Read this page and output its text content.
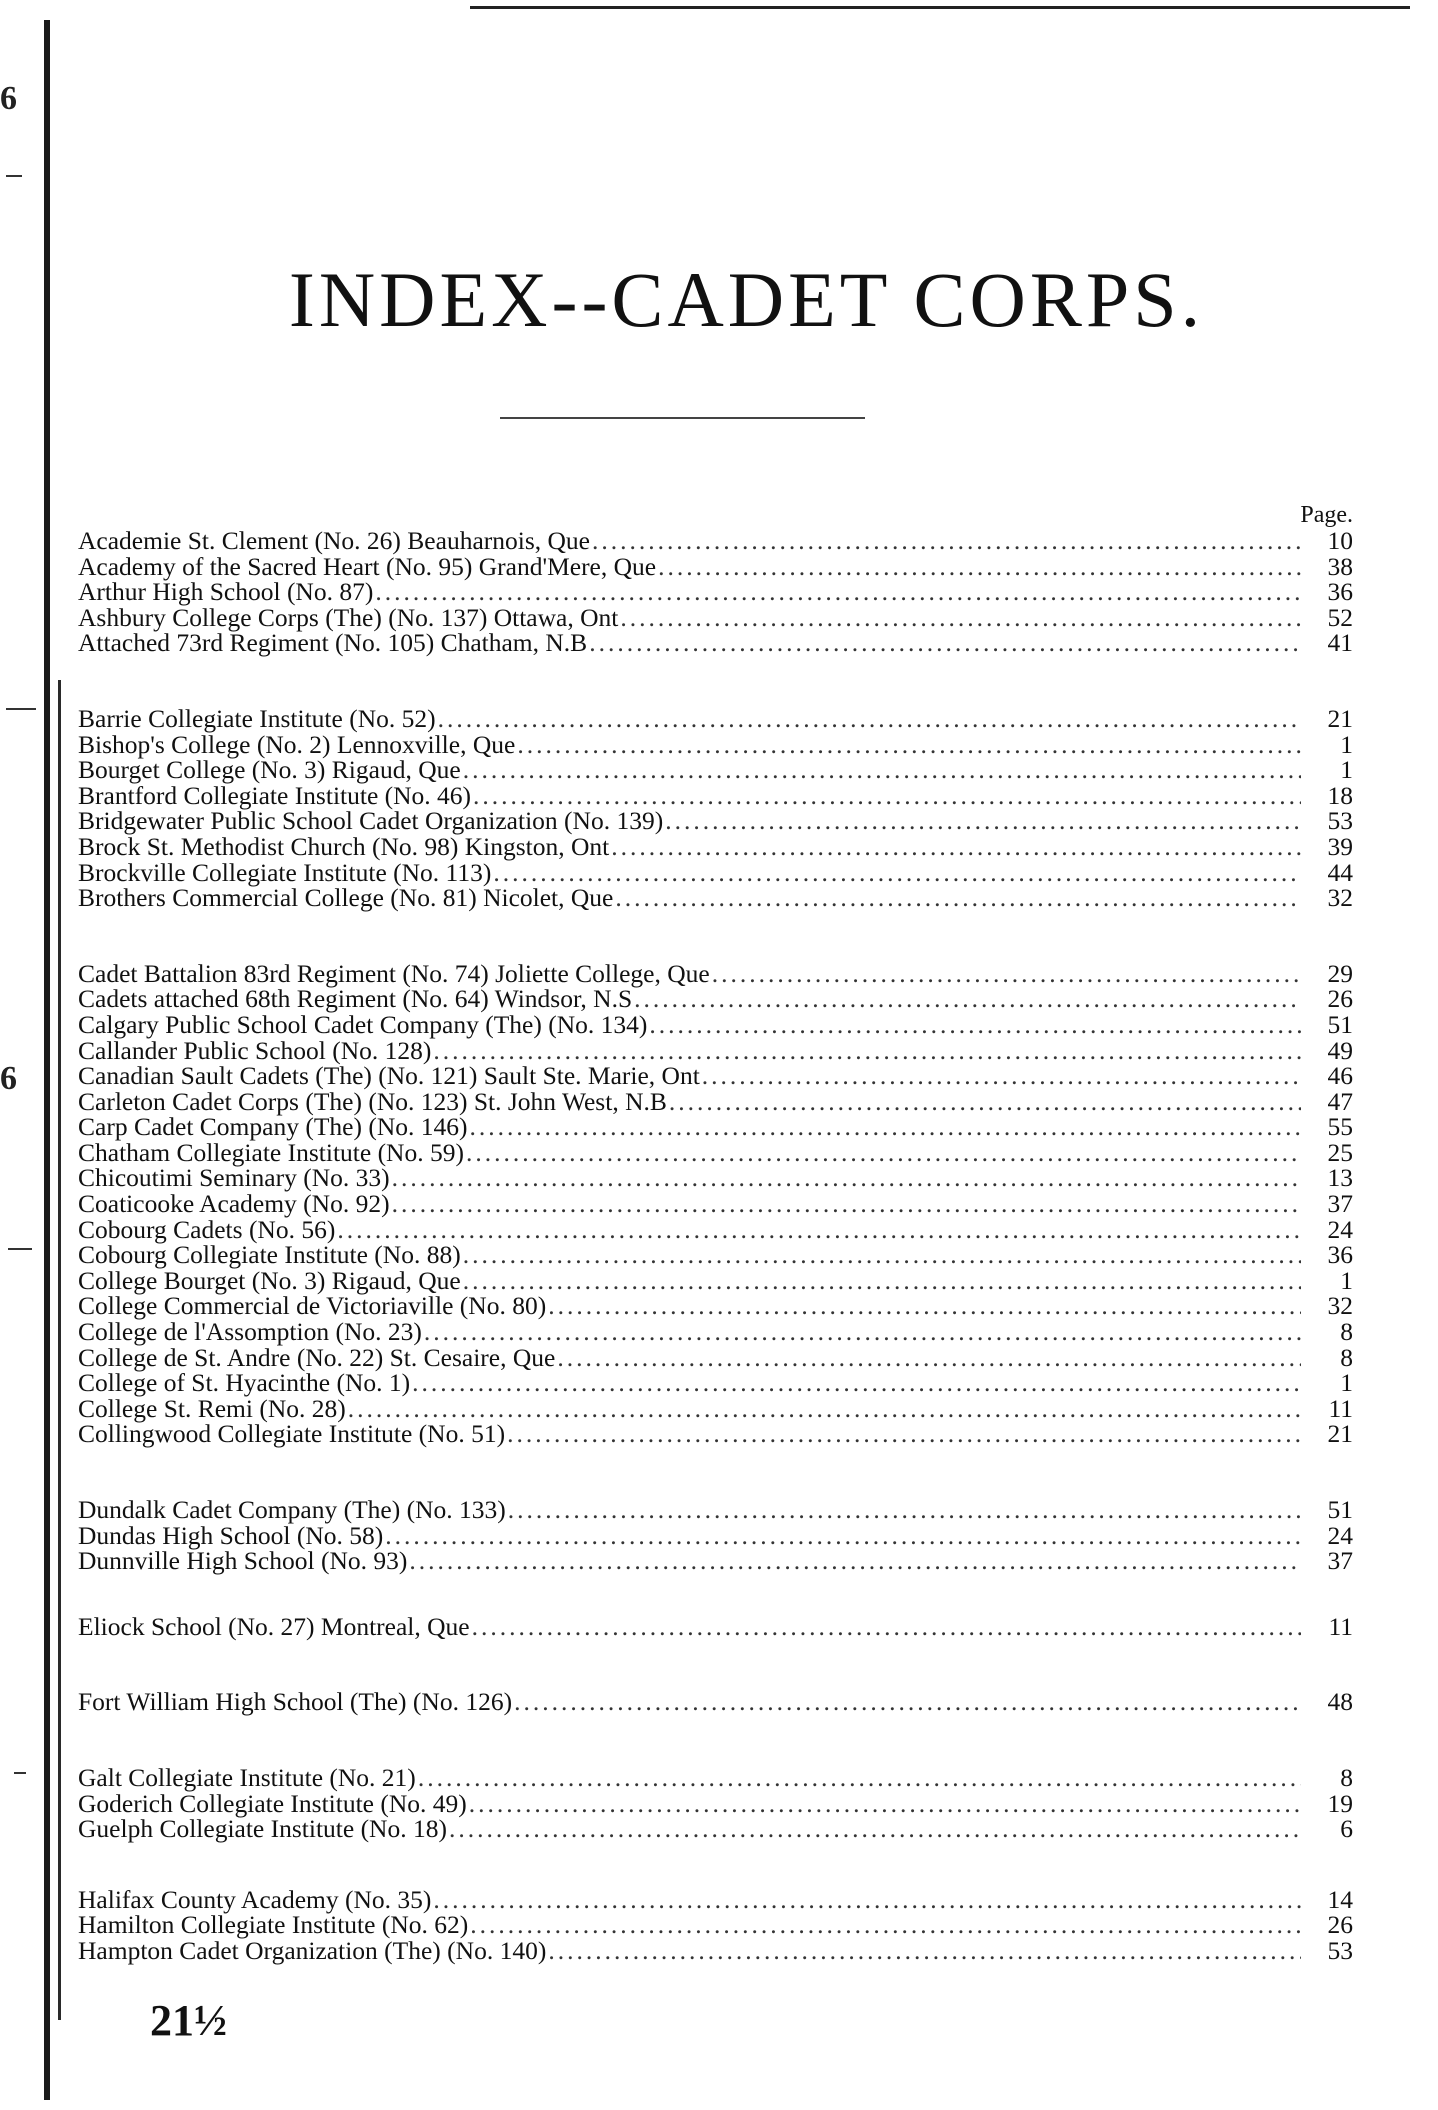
6
6
INDEX--CADET CORPS.
Page.
Academie St. Clement (No. 26) Beauharnois, Que .....	10
Academy of the Sacred Heart (No. 95) Grand'Mere, Que .....	38
Arthur High School (No. 87) .....	36
Ashbury College Corps (The) (No. 137) Ottawa, Ont .....	52
Attached 73rd Regiment (No. 105) Chatham, N.B .....	41
Barrie Collegiate Institute (No. 52) .....	21
Bishop's College (No. 2) Lennoxville, Que .....	1
Bourget College (No. 3) Rigaud, Que .....	1
Brantford Collegiate Institute (No. 46) .....	18
Bridgewater Public School Cadet Organization (No. 139) .....	53
Brock St. Methodist Church (No. 98) Kingston, Ont .....	39
Brockville Collegiate Institute (No. 113) .....	44
Brothers Commercial College (No. 81) Nicolet, Que .....	32
Cadet Battalion 83rd Regiment (No. 74) Joliette College, Que .....	29
Cadets attached 68th Regiment (No. 64) Windsor, N.S .....	26
Calgary Public School Cadet Company (The) (No. 134) .....	51
Callander Public School (No. 128) .....	49
Canadian Sault Cadets (The) (No. 121) Sault Ste. Marie, Ont .....	46
Carleton Cadet Corps (The) (No. 123) St. John West, N.B .....	47
Carp Cadet Company (The) (No. 146) .....	55
Chatham Collegiate Institute (No. 59) .....	25
Chicoutimi Seminary (No. 33) .....	13
Coaticooke Academy (No. 92) .....	37
Cobourg Cadets (No. 56) .....	24
Cobourg Collegiate Institute (No. 88) .....	36
College Bourget (No. 3) Rigaud, Que .....	1
College Commercial de Victoriaville (No. 80) .....	32
College de l'Assomption (No. 23) .....	8
College de St. Andre (No. 22) St. Cesaire, Que .....	8
College of St. Hyacinthe (No. 1) .....	1
College St. Remi (No. 28) .....	11
Collingwood Collegiate Institute (No. 51) .....	21
Dundalk Cadet Company (The) (No. 133) .....	51
Dundas High School (No. 58) .....	24
Dunnville High School (No. 93) .....	37
Eliock School (No. 27) Montreal, Que .....	11
Fort William High School (The) (No. 126) .....	48
Galt Collegiate Institute (No. 21) .....	8
Goderich Collegiate Institute (No. 49) .....	19
Guelph Collegiate Institute (No. 18) .....	6
Halifax County Academy (No. 35) .....	14
Hamilton Collegiate Institute (No. 62) .....	26
Hampton Cadet Organization (The) (No. 140) .....	53
21½
